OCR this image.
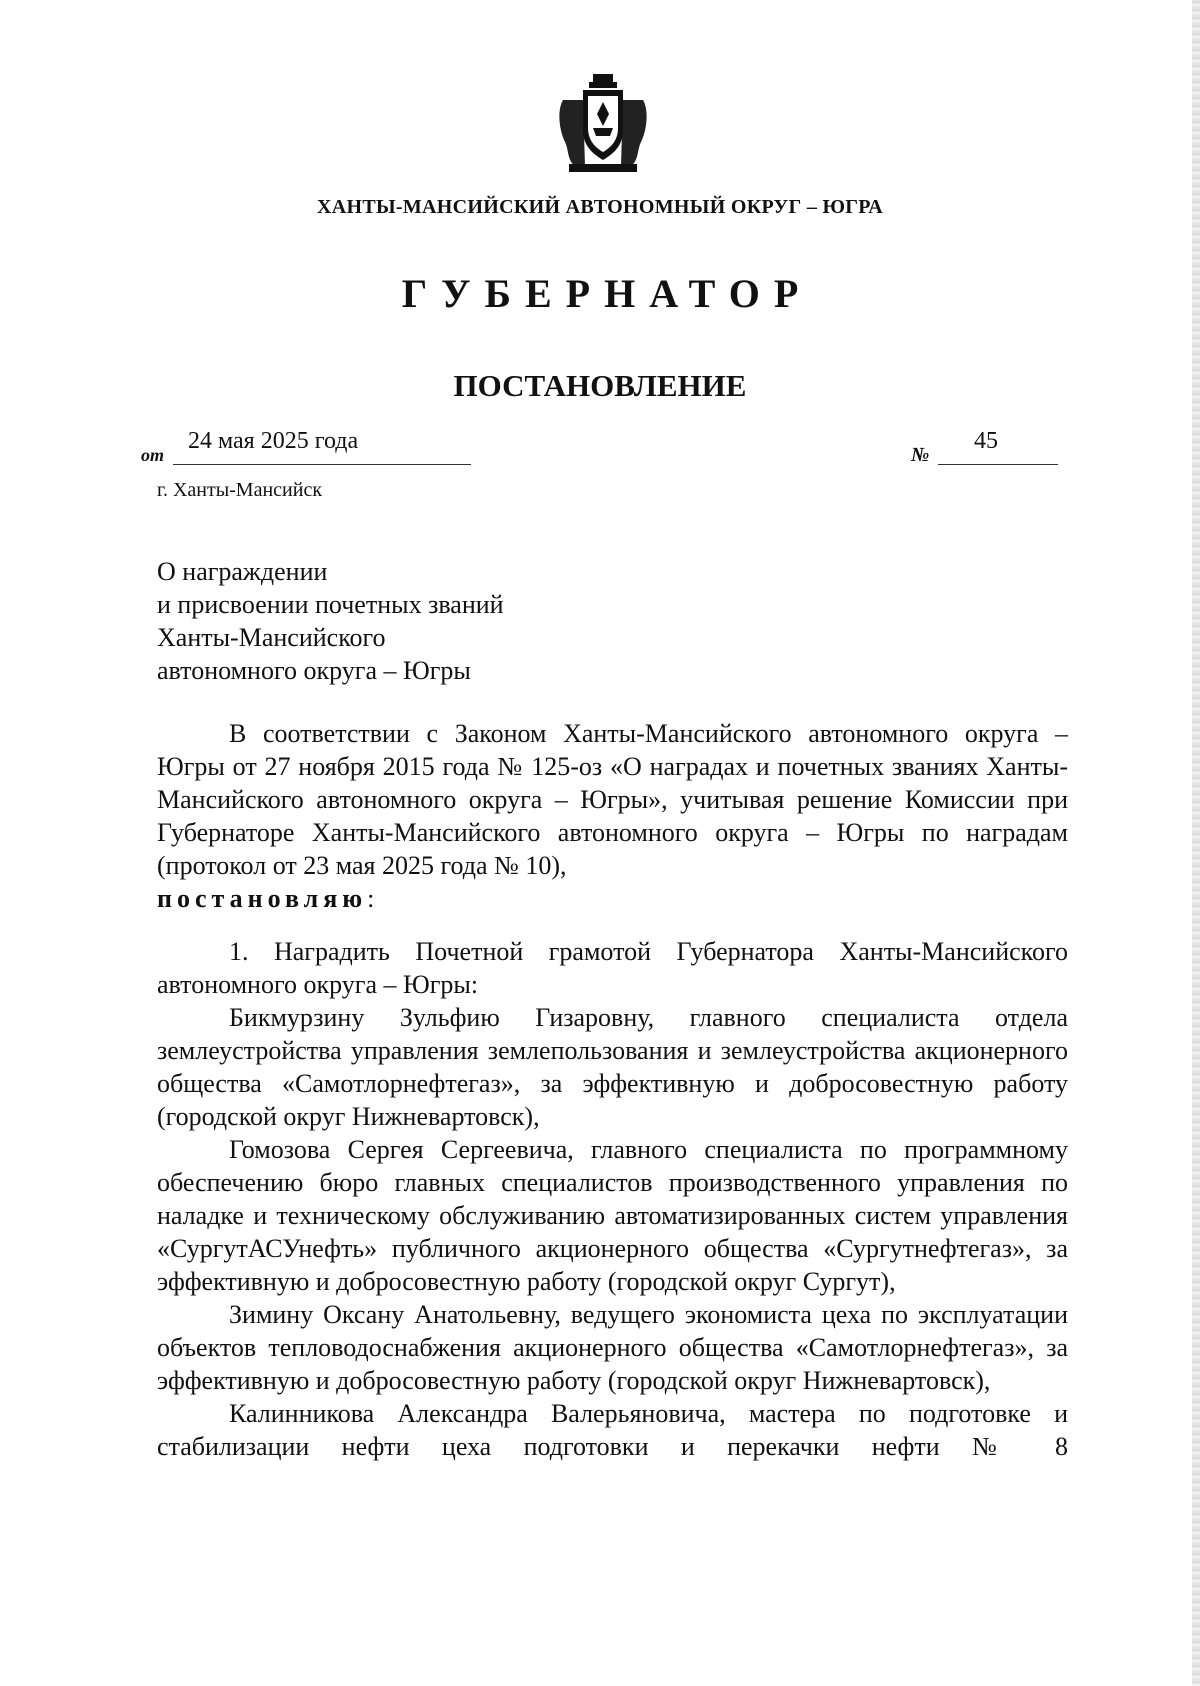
ХАНТЫ-МАНСИЙСКИЙ АВТОНОМНЫЙ ОКРУГ – ЮГРА
ГУБЕРНАТОР
ПОСТАНОВЛЕНИЕ
от
24 мая 2025 года
№
45
г. Ханты-Мансийск
О награждении
и присвоении почетных званий
Ханты-Мансийского
автономного округа – Югры

В соответствии с Законом Ханты-Мансийского автономного округа – Югры от 27 ноября 2015 года № 125-оз «О наградах и почетных званиях Ханты-Мансийского автономного округа – Югры», учитывая решение Комиссии при Губернаторе Ханты-Мансийского автономного округа – Югры по наградам (протокол от 23 мая 2025 года № 10),
постановляю:

1. Наградить Почетной грамотой Губернатора Ханты-Мансийского автономного округа – Югры:

Бикмурзину Зульфию Гизаровну, главного специалиста отдела землеустройства управления землепользования и землеустройства акционерного общества «Самотлорнефтегаз», за эффективную и добросовестную работу (городской округ Нижневартовск),

Гомозова Сергея Сергеевича, главного специалиста по программному обеспечению бюро главных специалистов производственного управления по наладке и техническому обслуживанию автоматизированных систем управления «СургутАСУнефть» публичного акционерного общества «Сургутнефтегаз», за эффективную и добросовестную работу (городской округ Сургут),

Зимину Оксану Анатольевну, ведущего экономиста цеха по эксплуатации объектов тепловодоснабжения акционерного общества «Самотлорнефтегаз», за эффективную и добросовестную работу (городской округ Нижневартовск),

Калинникова Александра Валерьяновича, мастера по подготовке и стабилизации нефти цеха подготовки и перекачки нефти № 8
